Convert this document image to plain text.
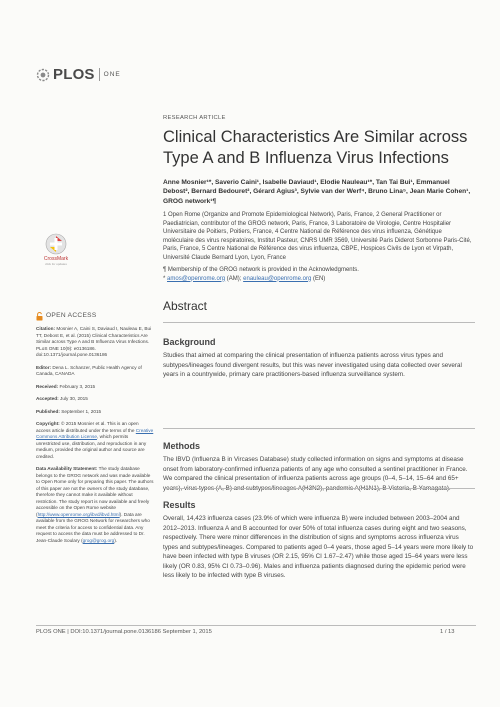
PLOS ONE
RESEARCH ARTICLE
Clinical Characteristics Are Similar across Type A and B Influenza Virus Infections
Anne Mosnier¹*, Saverio Caini¹, Isabelle Daviaud¹, Elodie Nauleau¹*, Tan Tai Bui¹, Emmanuel Debost², Bernard Bedouret², Gérard Agius³, Sylvie van der Werf⁴, Bruno Lina⁵, Jean Marie Cohen¹, GROG network¹¶
1 Open Rome (Organize and Promote Epidemiological Network), Paris, France, 2 General Practitioner or Paediatrician, contributor of the GROG network, Paris, France, 3 Laboratoire de Virologie, Centre Hospitalier Universitaire de Poitiers, Poitiers, France, 4 Centre National de Référence des virus influenza, Génétique moléculaire des virus respiratoires, Institut Pasteur, CNRS UMR 3569, Université Paris Diderot Sorbonne Paris-Cité, Paris, France, 5 Centre National de Référence des virus influenza, CBPE, Hospices Civils de Lyon et Virpath, Université Claude Bernard Lyon, Lyon, France
¶ Membership of the GROG network is provided in the Acknowledgments.
* amos@openrome.org (AM); enauleau@openrome.org (EN)
CrossMark
click for updates
OPEN ACCESS

Citation: Mosnier A, Caini S, Daviaud I, Nauleau E, Bui TT, Debost E, et al. (2015) Clinical Characteristics Are Similar across Type A and B Influenza Virus Infections. PLoS ONE 10(9): e0136186. doi:10.1371/journal.pone.0136186

Editor: Dena L. Schanzer, Public Health Agency of Canada, CANADA

Received: February 3, 2015

Accepted: July 30, 2015

Published: September 1, 2015

Copyright: © 2015 Mosnier et al. This is an open access article distributed under the terms of the Creative Commons Attribution License, which permits unrestricted use, distribution, and reproduction in any medium, provided the original author and source are credited.

Data Availability Statement: The study database belongs to the GROG network and was made available to Open Rome only for preparing this paper. The authors of this paper are not the owners of the study database, therefore they cannot make it available without restriction. The study report is now available and freely accessible on the Open Rome website (http://www.openrome.org/ibvd/ibvd.html). Data are available from the GROG Network for researchers who meet the criteria for access to confidential data. Any request to access the data must be addressed to Dr. Jean-Claude Soulary (grog@grog.org).

Abstract
Background
Studies that aimed at comparing the clinical presentation of influenza patients across virus types and subtypes/lineages found divergent results, but this was never investigated using data collected over several years in a countrywide, primary care practitioners-based influenza surveillance system.
Methods
The IBVD (Influenza B in Vircases Database) study collected information on signs and symptoms at disease onset from laboratory-confirmed influenza patients of any age who consulted a sentinel practitioner in France. We compared the clinical presentation of influenza patients across age groups (0–4, 5–14, 15–64 and 65+
Results
Overall, 14,423 influenza cases (23.9% of which were influenza B) were included between 2003–2004 and 2012–2013. Influenza A and B accounted for over 50% of total influenza cases during eight and two seasons, respectively. There were minor differences in the distribution of signs and symptoms across influenza virus types and subtypes/lineages. Compared to patients aged 0–4 years, those aged 5–14 years were more likely to have been infected with type B viruses (OR 2.15, 95% CI 1.67–2.47) while those aged 15–64 years were less likely (OR 0.83, 95% CI 0.73–0.96). Males and influenza patients diagnosed during the epidemic period were less likely to be infected with type B viruses.
PLOS ONE | DOI:10.1371/journal.pone.0136186 September 1, 2015	1 / 13
